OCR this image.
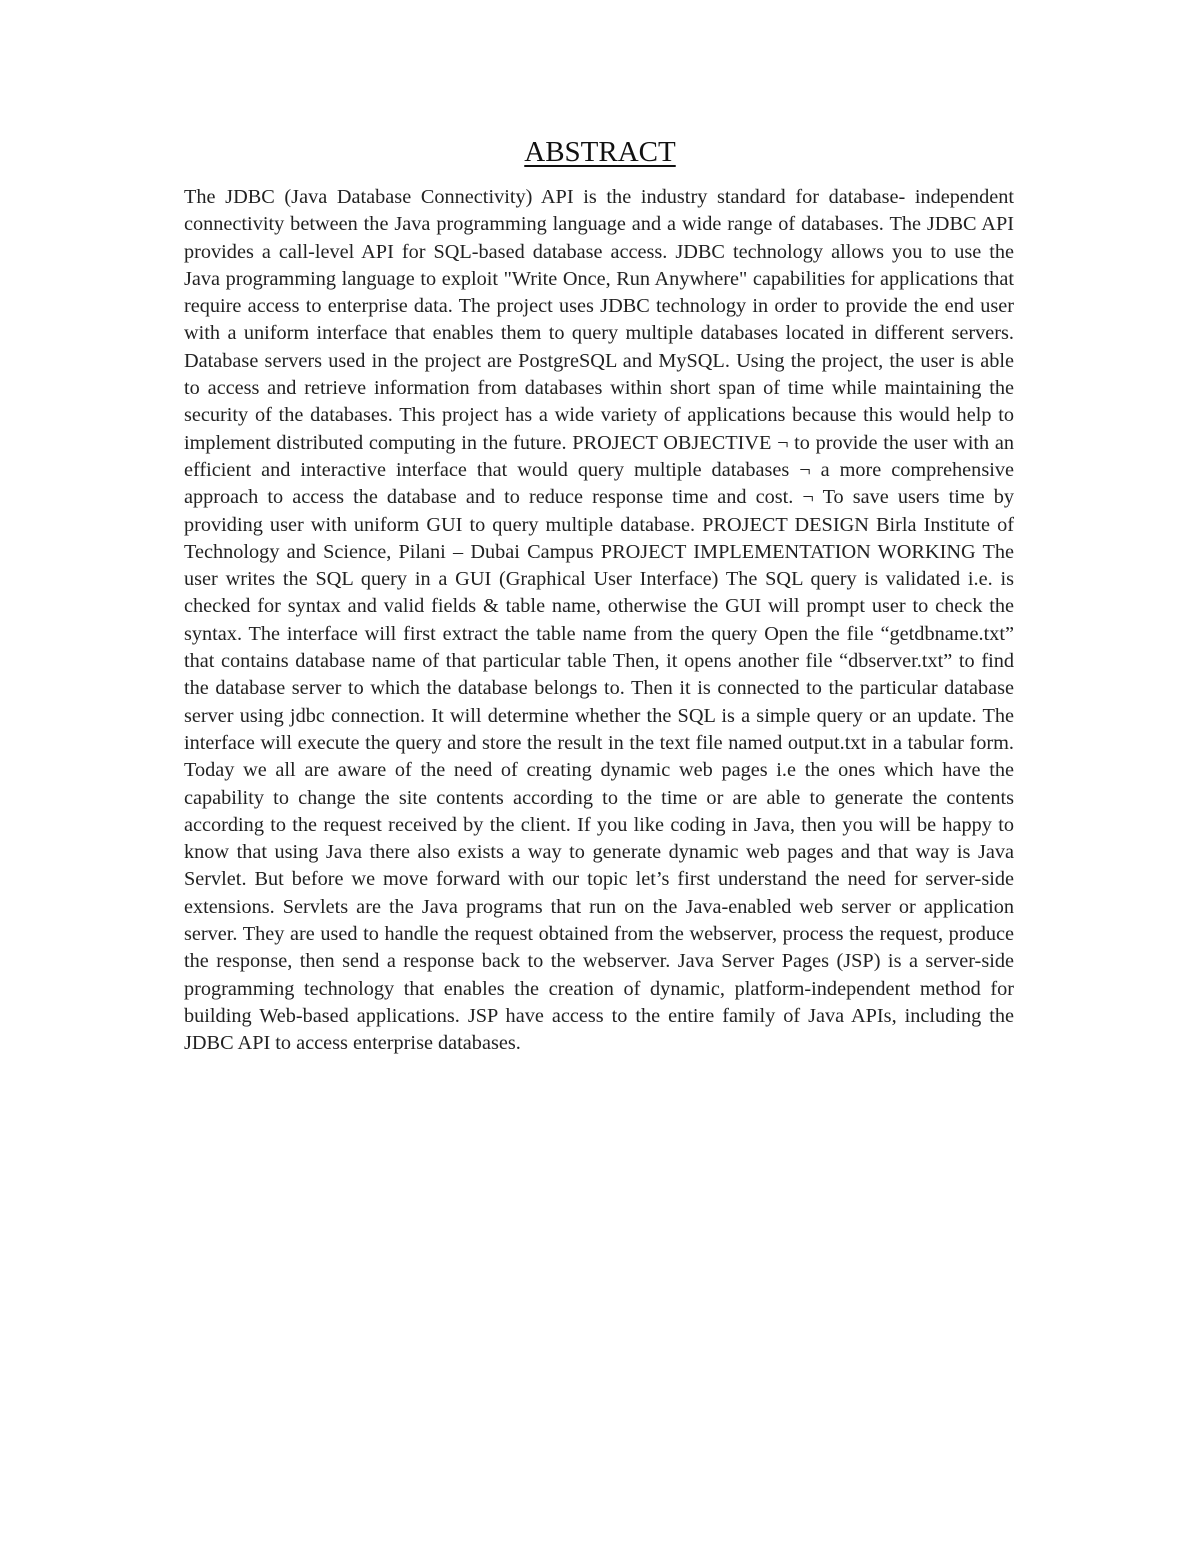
ABSTRACT

The JDBC (Java Database Connectivity) API is the industry standard for database- independent connectivity between the Java programming language and a wide range of databases. The JDBC API provides a call-level API for SQL-based database access. JDBC technology allows you to use the Java programming language to exploit "Write Once, Run Anywhere" capabilities for applications that require access to enterprise data. The project uses JDBC technology in order to provide the end user with a uniform interface that enables them to query multiple databases located in different servers. Database servers used in the project are PostgreSQL and MySQL. Using the project, the user is able to access and retrieve information from databases within short span of time while maintaining the security of the databases. This project has a wide variety of applications because this would help to implement distributed computing in the future. PROJECT OBJECTIVE ¬ to provide the user with an efficient and interactive interface that would query multiple databases ¬ a more comprehensive approach to access the database and to reduce response time and cost. ¬ To save users time by providing user with uniform GUI to query multiple database. PROJECT DESIGN Birla Institute of Technology and Science, Pilani – Dubai Campus PROJECT IMPLEMENTATION WORKING The user writes the SQL query in a GUI (Graphical User Interface) The SQL query is validated i.e. is checked for syntax and valid fields & table name, otherwise the GUI will prompt user to check the syntax. The interface will first extract the table name from the query Open the file “getdbname.txt” that contains database name of that particular table Then, it opens another file “dbserver.txt” to find the database server to which the database belongs to. Then it is connected to the particular database server using jdbc connection. It will determine whether the SQL is a simple query or an update. The interface will execute the query and store the result in the text file named output.txt in a tabular form. Today we all are aware of the need of creating dynamic web pages i.e the ones which have the capability to change the site contents according to the time or are able to generate the contents according to the request received by the client. If you like coding in Java, then you will be happy to know that using Java there also exists a way to generate dynamic web pages and that way is Java Servlet. But before we move forward with our topic let’s first understand the need for server-side extensions. Servlets are the Java programs that run on the Java-enabled web server or application server. They are used to handle the request obtained from the webserver, process the request, produce the response, then send a response back to the webserver. Java Server Pages (JSP) is a server-side programming technology that enables the creation of dynamic, platform-independent method for building Web-based applications. JSP have access to the entire family of Java APIs, including the JDBC API to access enterprise databases.
